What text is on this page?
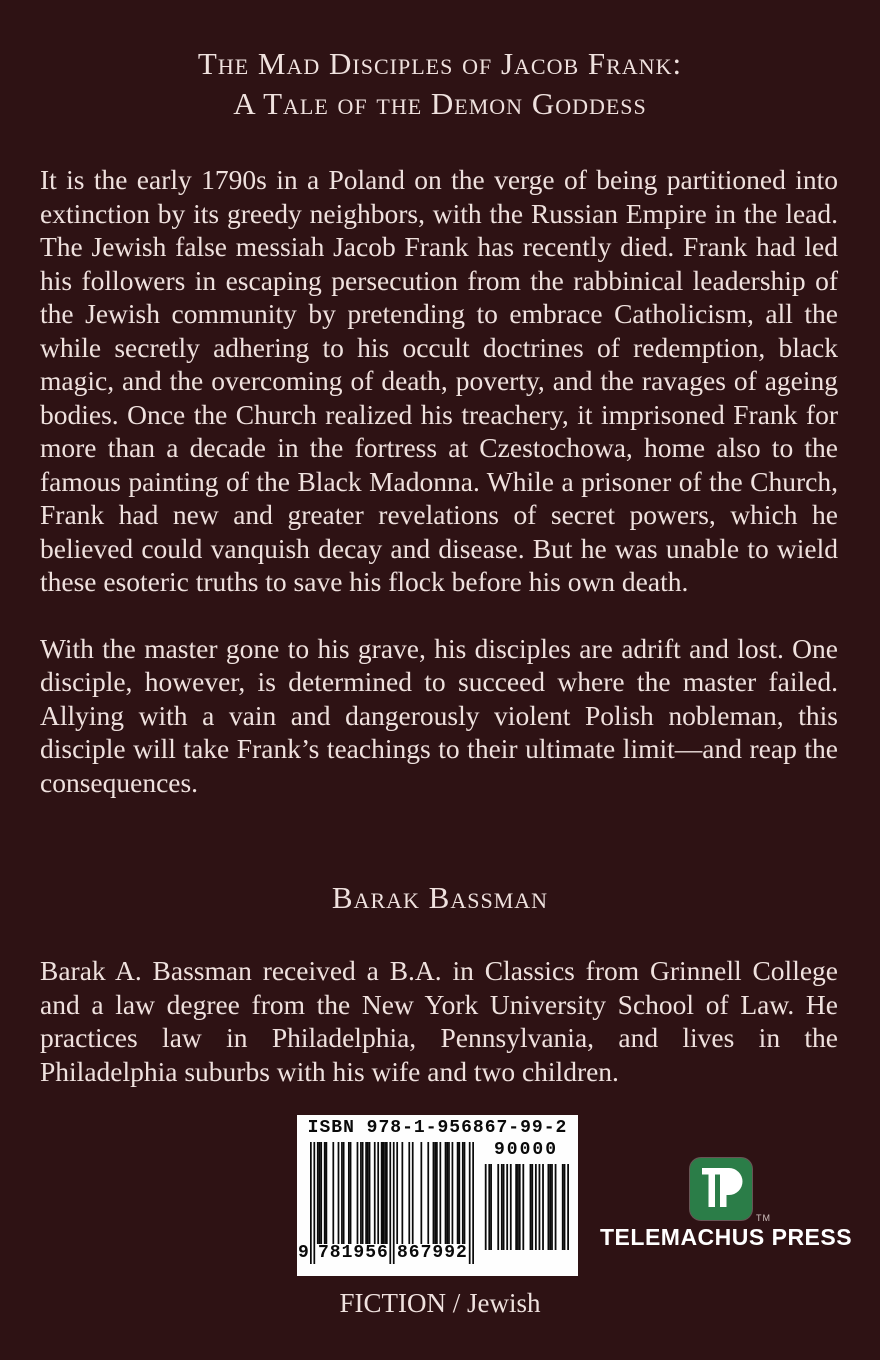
The Mad Disciples of Jacob Frank:
A Tale of the Demon Goddess

It is the early 1790s in a Poland on the verge of being partitioned into extinction by its greedy neighbors, with the Russian Empire in the lead. The Jewish false messiah Jacob Frank has recently died. Frank had led his followers in escaping persecution from the rabbinical leadership of the Jewish community by pretending to embrace Catholicism, all the while secretly adhering to his occult doctrines of redemption, black magic, and the overcoming of death, poverty, and the ravages of ageing bodies. Once the Church realized his treachery, it imprisoned Frank for more than a decade in the fortress at Czestochowa, home also to the famous painting of the Black Madonna. While a prisoner of the Church, Frank had new and greater revelations of secret powers, which he believed could vanquish decay and disease. But he was unable to wield these esoteric truths to save his flock before his own death.

With the master gone to his grave, his disciples are adrift and lost. One disciple, however, is determined to succeed where the master failed. Allying with a vain and dangerously violent Polish nobleman, this disciple will take Frank’s teachings to their ultimate limit—and reap the consequences.

Barak Bassman

Barak A. Bassman received a B.A. in Classics from Grinnell College and a law degree from the New York University School of Law. He practices law in Philadelphia, Pennsylvania, and lives in the Philadelphia suburbs with his wife and two children.

ISBN 978-1-956867-99-2
90000
9 781956 867992
TM
TELEMACHUS PRESS
FICTION / Jewish
